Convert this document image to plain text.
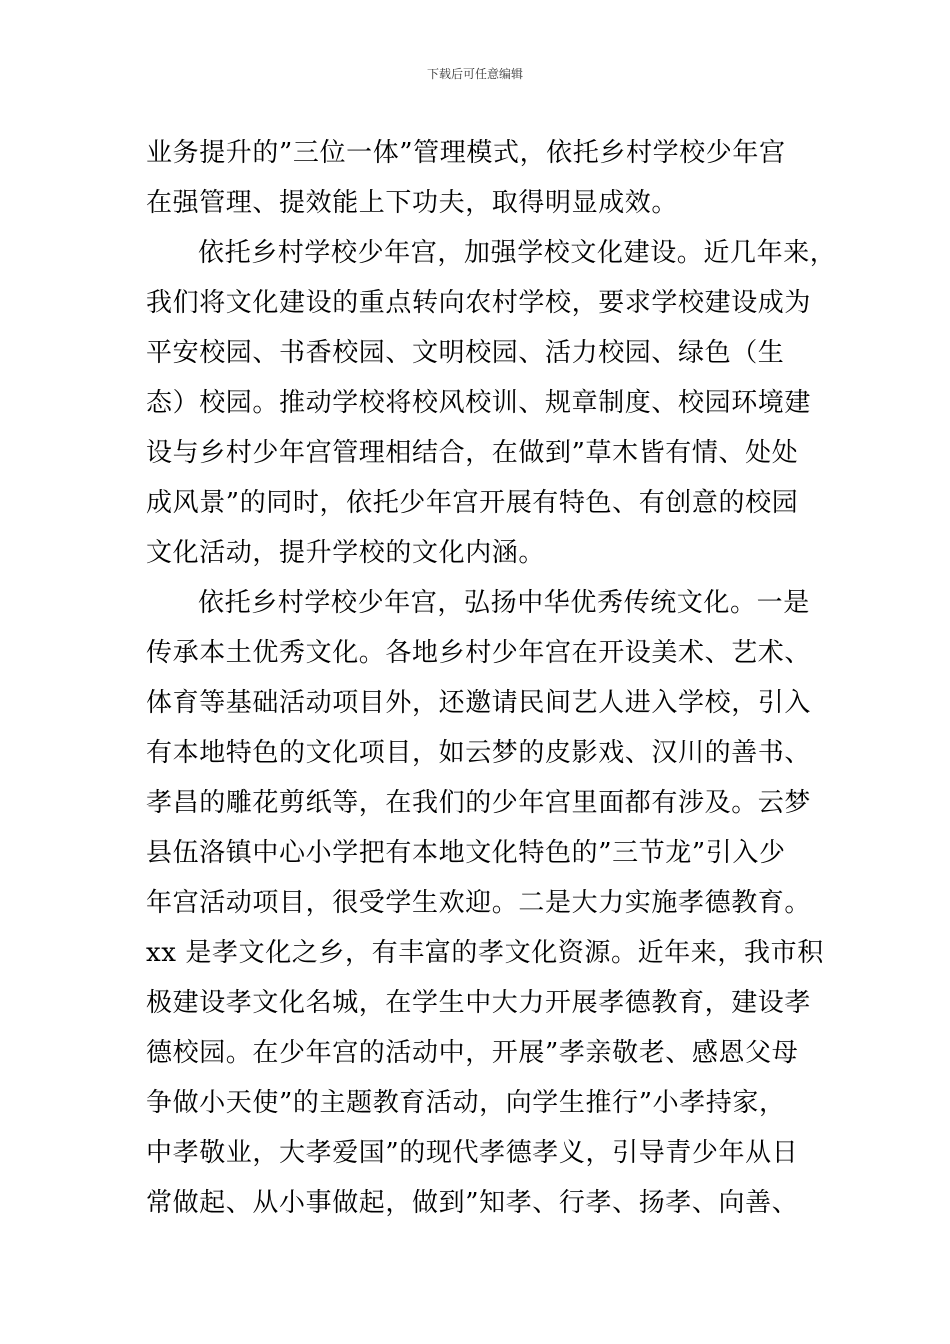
下载后可任意编辑
业务提升的”三位一体”管理模式，依托乡村学校少年宫
在强管理、提效能上下功夫，取得明显成效。
依托乡村学校少年宫，加强学校文化建设。近几年来，
我们将文化建设的重点转向农村学校，要求学校建设成为
平安校园、书香校园、文明校园、活力校园、绿色（生
态）校园。推动学校将校风校训、规章制度、校园环境建
设与乡村少年宫管理相结合，在做到”草木皆有情、处处
成风景”的同时，依托少年宫开展有特色、有创意的校园
文化活动，提升学校的文化内涵。
依托乡村学校少年宫，弘扬中华优秀传统文化。一是
传承本土优秀文化。各地乡村少年宫在开设美术、艺术、
体育等基础活动项目外，还邀请民间艺人进入学校，引入
有本地特色的文化项目，如云梦的皮影戏、汉川的善书、
孝昌的雕花剪纸等，在我们的少年宫里面都有涉及。云梦
县伍洛镇中心小学把有本地文化特色的”三节龙”引入少
年宫活动项目，很受学生欢迎。二是大力实施孝德教育。
xx 是孝文化之乡，有丰富的孝文化资源。近年来，我市积
极建设孝文化名城，在学生中大力开展孝德教育，建设孝
德校园。在少年宫的活动中，开展”孝亲敬老、感恩父母
争做小天使”的主题教育活动，向学生推行”小孝持家，
中孝敬业，大孝爱国”的现代孝德孝义，引导青少年从日
常做起、从小事做起，做到”知孝、行孝、扬孝、向善、
